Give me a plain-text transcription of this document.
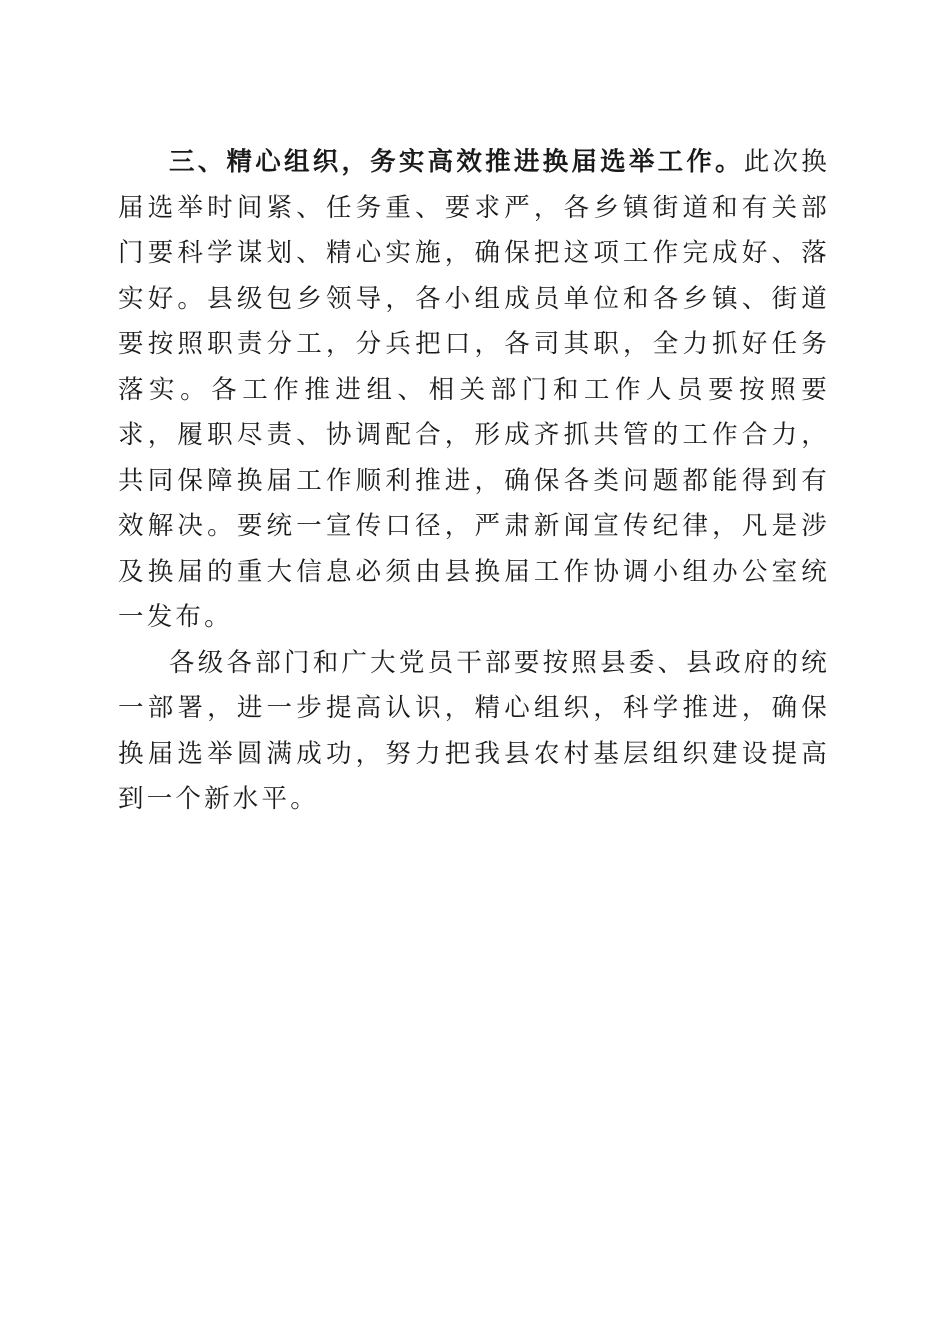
三、精心组织，务实高效推进换届选举工作。此次换届选举时间紧、任务重、要求严，各乡镇街道和有关部门要科学谋划、精心实施，确保把这项工作完成好、落实好。县级包乡领导，各小组成员单位和各乡镇、街道要按照职责分工，分兵把口，各司其职，全力抓好任务落实。各工作推进组、相关部门和工作人员要按照要求，履职尽责、协调配合，形成齐抓共管的工作合力，共同保障换届工作顺利推进，确保各类问题都能得到有效解决。要统一宣传口径，严肃新闻宣传纪律，凡是涉及换届的重大信息必须由县换届工作协调小组办公室统一发布。

各级各部门和广大党员干部要按照县委、县政府的统一部署，进一步提高认识，精心组织，科学推进，确保换届选举圆满成功，努力把我县农村基层组织建设提高到一个新水平。
